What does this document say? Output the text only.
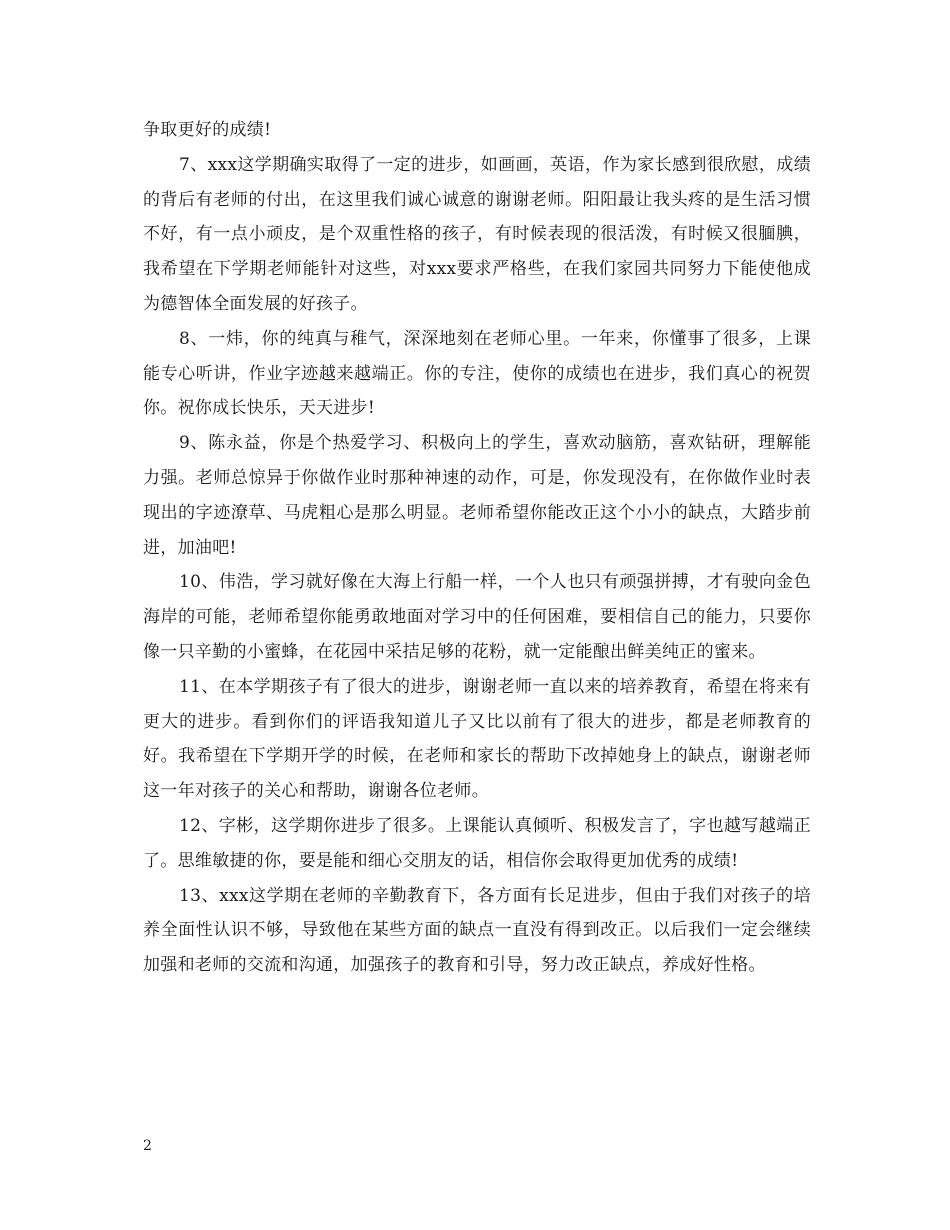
争取更好的成绩!

7、xxx这学期确实取得了一定的进步，如画画，英语，作为家长感到很欣慰，成绩的背后有老师的付出，在这里我们诚心诚意的谢谢老师。阳阳最让我头疼的是生活习惯不好，有一点小顽皮，是个双重性格的孩子，有时候表现的很活泼，有时候又很腼腆，我希望在下学期老师能针对这些，对xxx要求严格些，在我们家园共同努力下能使他成为德智体全面发展的好孩子。

8、一炜，你的纯真与稚气，深深地刻在老师心里。一年来，你懂事了很多，上课能专心听讲，作业字迹越来越端正。你的专注，使你的成绩也在进步，我们真心的祝贺你。祝你成长快乐，天天进步!

9、陈永益，你是个热爱学习、积极向上的学生，喜欢动脑筋，喜欢钻研，理解能力强。老师总惊异于你做作业时那种神速的动作，可是，你发现没有，在你做作业时表现出的字迹潦草、马虎粗心是那么明显。老师希望你能改正这个小小的缺点，大踏步前进，加油吧!

10、伟浩，学习就好像在大海上行船一样，一个人也只有顽强拼搏，才有驶向金色海岸的可能，老师希望你能勇敢地面对学习中的任何困难，要相信自己的能力，只要你像一只辛勤的小蜜蜂，在花园中采拮足够的花粉，就一定能酿出鲜美纯正的蜜来。

11、在本学期孩子有了很大的进步，谢谢老师一直以来的培养教育，希望在将来有更大的进步。看到你们的评语我知道儿子又比以前有了很大的进步，都是老师教育的好。我希望在下学期开学的时候，在老师和家长的帮助下改掉她身上的缺点，谢谢老师这一年对孩子的关心和帮助，谢谢各位老师。

12、字彬，这学期你进步了很多。上课能认真倾听、积极发言了，字也越写越端正了。思维敏捷的你，要是能和细心交朋友的话，相信你会取得更加优秀的成绩!

13、xxx这学期在老师的辛勤教育下，各方面有长足进步，但由于我们对孩子的培养全面性认识不够，导致他在某些方面的缺点一直没有得到改正。以后我们一定会继续加强和老师的交流和沟通，加强孩子的教育和引导，努力改正缺点，养成好性格。

2
